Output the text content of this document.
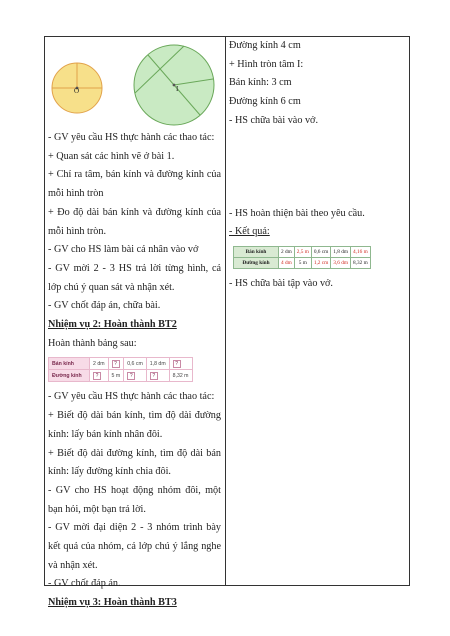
O	I
- GV yêu cầu HS thực hành các thao tác:
+ Quan sát các hình vẽ ở bài 1.
+ Chỉ ra tâm, bán kính và đường kính của
mỗi hình tròn
+ Đo độ dài bán kính và đường kính của
mỗi hình tròn.
- GV cho HS làm bài cá nhân vào vở
- GV mời 2 - 3 HS trả lời từng hình, cả
lớp chú ý quan sát và nhận xét.
- GV chốt đáp án, chữa bài.
Nhiệm vụ 2: Hoàn thành BT2
Hoàn thành bảng sau:
Bán kính	2 dm	?	0,6 cm	1,8 dm	?
Đường kính	?	5 m	?	?	8,32 m
- GV yêu cầu HS thực hành các thao tác:
+ Biết độ dài bán kính, tìm độ dài đường
kính: lấy bán kính nhân đôi.
+ Biết độ dài đường kính, tìm độ dài bán
kính: lấy đường kính chia đôi.
- GV cho HS hoạt động nhóm đôi, một
bạn hỏi, một bạn trả lời.
- GV mời đại diện 2 - 3 nhóm trình bày
kết quả của nhóm, cả lớp chú ý lắng nghe
và nhận xét.
- GV chốt đáp án.
Nhiệm vụ 3: Hoàn thành BT3
Đường kính 4 cm
+ Hình tròn tâm I:
Bán kính: 3 cm
Đường kính 6 cm
- HS chữa bài vào vở.
- HS hoàn thiện bài theo yêu cầu.
- Kết quả:
Bán kính	2 dm	2,5 m	0,6 cm	1,8 dm	4,16 m
Đường kính	4 dm	5 m	1,2 cm	3,6 dm	8,32 m
- HS chữa bài tập vào vở.
